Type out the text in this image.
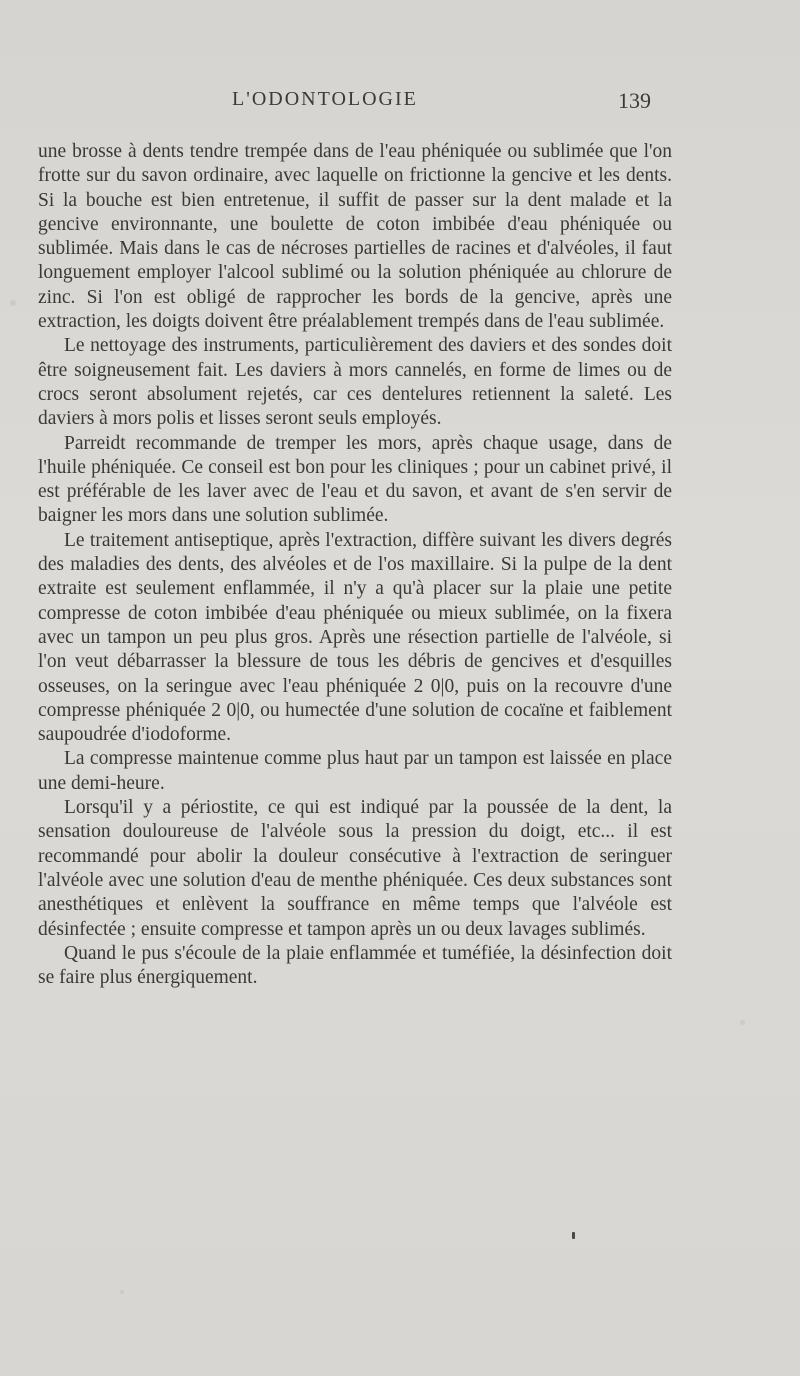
L'ODONTOLOGIE	139

une brosse à dents tendre trempée dans de l'eau phéniquée ou sublimée que l'on frotte sur du savon ordinaire, avec laquelle on frictionne la gencive et les dents. Si la bouche est bien entretenue, il suffit de passer sur la dent malade et la gencive environnante, une boulette de coton imbibée d'eau phéniquée ou sublimée. Mais dans le cas de nécroses partielles de racines et d'alvéoles, il faut longuement employer l'alcool sublimé ou la solution phéniquée au chlorure de zinc. Si l'on est obligé de rapprocher les bords de la gencive, après une extraction, les doigts doivent être préalablement trempés dans de l'eau sublimée.

Le nettoyage des instruments, particulièrement des daviers et des sondes doit être soigneusement fait. Les daviers à mors cannelés, en forme de limes ou de crocs seront absolument rejetés, car ces dentelures retiennent la saleté. Les daviers à mors polis et lisses seront seuls employés.

Parreidt recommande de tremper les mors, après chaque usage, dans de l'huile phéniquée. Ce conseil est bon pour les cliniques ; pour un cabinet privé, il est préférable de les laver avec de l'eau et du savon, et avant de s'en servir de baigner les mors dans une solution sublimée.

Le traitement antiseptique, après l'extraction, diffère suivant les divers degrés des maladies des dents, des alvéoles et de l'os maxillaire. Si la pulpe de la dent extraite est seulement enflammée, il n'y a qu'à placer sur la plaie une petite compresse de coton imbibée d'eau phéniquée ou mieux sublimée, on la fixera avec un tampon un peu plus gros. Après une résection partielle de l'alvéole, si l'on veut débarrasser la blessure de tous les débris de gencives et d'esquilles osseuses, on la seringue avec l'eau phéniquée 2 0|0, puis on la recouvre d'une compresse phéniquée 2 0|0, ou humectée d'une solution de cocaïne et faiblement saupoudrée d'iodoforme.

La compresse maintenue comme plus haut par un tampon est laissée en place une demi-heure.

Lorsqu'il y a périostite, ce qui est indiqué par la poussée de la dent, la sensation douloureuse de l'alvéole sous la pression du doigt, etc... il est recommandé pour abolir la douleur consécutive à l'extraction de seringuer l'alvéole avec une solution d'eau de menthe phéniquée. Ces deux substances sont anesthétiques et enlèvent la souffrance en même temps que l'alvéole est désinfectée ; ensuite compresse et tampon après un ou deux lavages sublimés.

Quand le pus s'écoule de la plaie enflammée et tuméfiée, la désinfection doit se faire plus énergiquement.
